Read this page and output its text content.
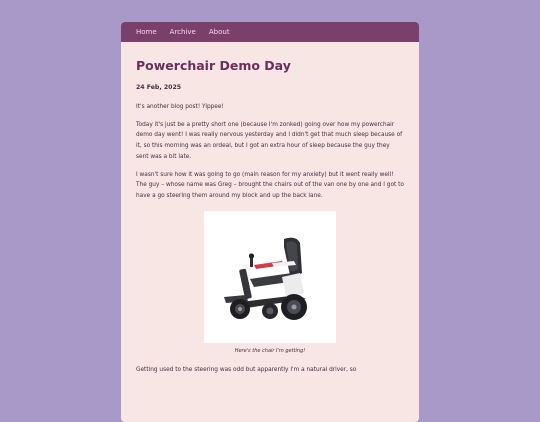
Home Archive About
Powerchair Demo Day
24 Feb, 2025

It's another blog post! Yippee!

Today it's just be a pretty short one (because I'm zonked) going over how my powerchair demo day went! I was really nervous yesterday and I didn't get that much sleep because of it, so this morning was an ordeal, but I got an extra hour of sleep because the guy they sent was a bit late.

I wasn't sure how it was going to go (main reason for my anxiety) but it went really well! The guy – whose name was Greg – brought the chairs out of the van one by one and I got to have a go steering them around my block and up the back lane.

Here's the chair I'm getting!

Getting used to the steering was odd but apparently I'm a natural driver, so
